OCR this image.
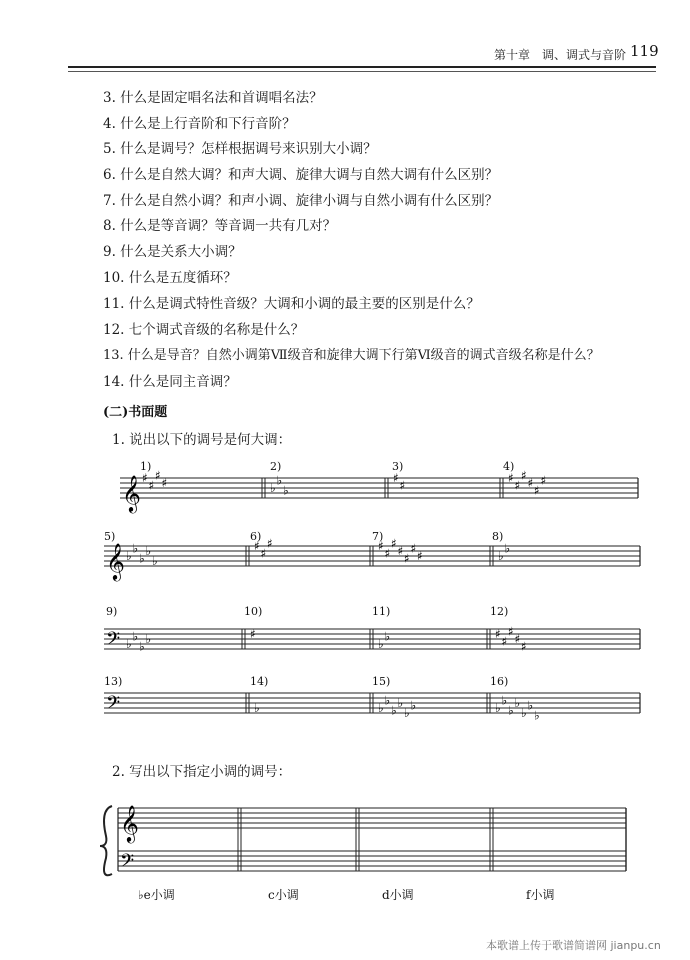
第十章　调、调式与音阶 119
3. 什么是固定唱名法和首调唱名法？
4. 什么是上行音阶和下行音阶？
5. 什么是调号？怎样根据调号来识别大小调？
6. 什么是自然大调？和声大调、旋律大调与自然大调有什么区别？
7. 什么是自然小调？和声小调、旋律小调与自然小调有什么区别？
8. 什么是等音调？等音调一共有几对？
9. 什么是关系大小调？
10. 什么是五度循环？
11. 什么是调式特性音级？大调和小调的最主要的区别是什么？
12. 七个调式音级的名称是什么？
13. 什么是导音？自然小调第Ⅶ级音和旋律大调下行第Ⅵ级音的调式音级名称是什么？
14. 什么是同主音调？
(二)书面题
1. 说出以下的调号是何大调：
2. 写出以下指定小调的调号：
𝄞 ♯
♯
♯
♯
1)
♭
♭
♭
2)
♯
♯
3)
♯
♯
♯
♯
♯
♯
4)
𝄞 ♭
♭
♭
♭
♭
5)
♯
♯
♯
6)
♯
♯
♯
♯
♯
♯
♯
7)
♭
♭
8)
𝄢 ♭
♭
♭
♭
9)
♯
10)
♭
♭
11)
♯
♯
♯
♯
♯
12)
𝄢
13)
♭
14)
♭
♭
♭
♭
♭
♭
15)
♭
♭
♭
♭
♭
♭
♭
16)
𝄞
𝄢
♭e小调	c小调	d小调	f小调
本歌谱上传于歌谱简谱网 jianpu.cn
